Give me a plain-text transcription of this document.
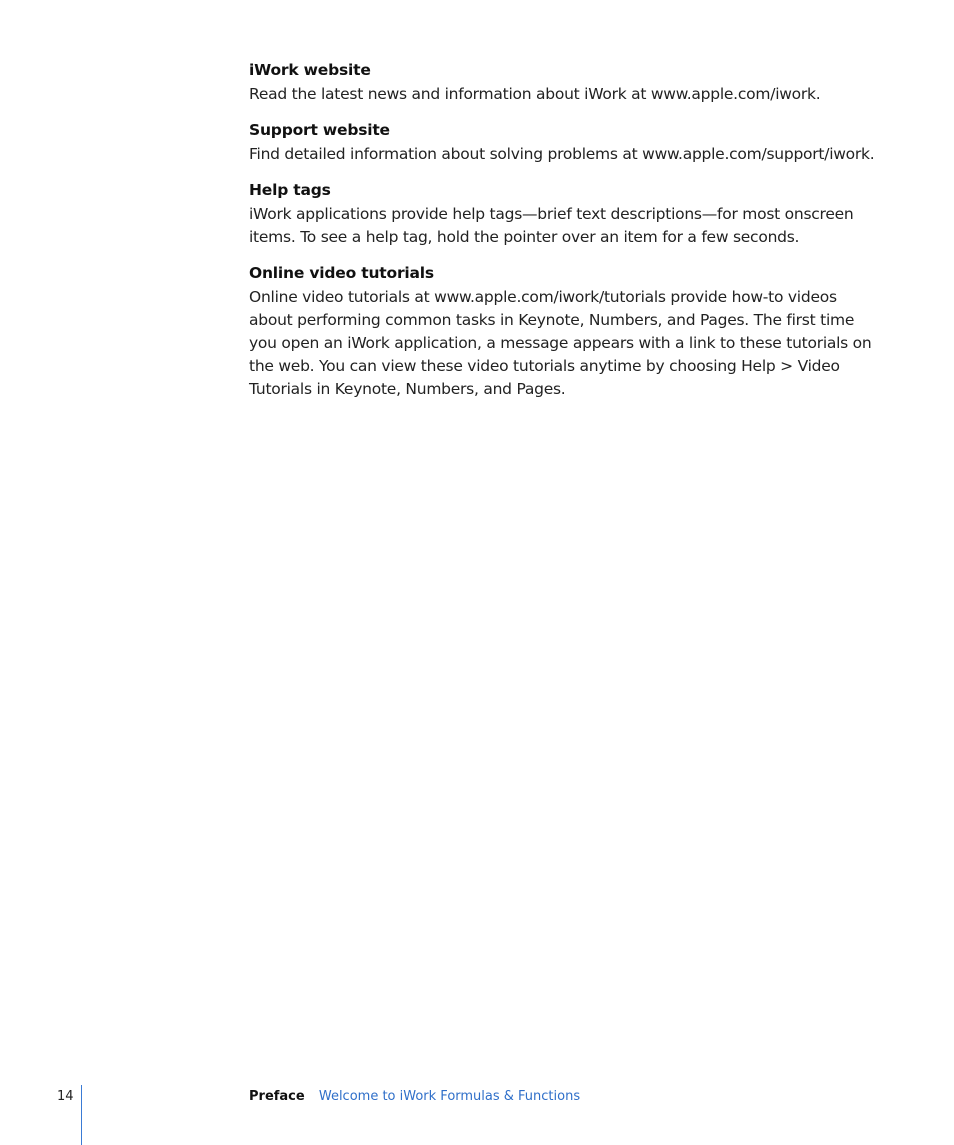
iWork website

Read the latest news and information about iWork at www.apple.com/iwork.

Support website

Find detailed information about solving problems at www.apple.com/support/iwork.

Help tags

iWork applications provide help tags—brief text descriptions—for most onscreen items. To see a help tag, hold the pointer over an item for a few seconds.

Online video tutorials

Online video tutorials at www.apple.com/iwork/tutorials provide how-to videos about performing common tasks in Keynote, Numbers, and Pages. The first time you open an iWork application, a message appears with a link to these tutorials on the web. You can view these video tutorials anytime by choosing Help > Video Tutorials in Keynote, Numbers, and Pages.

14	Preface Welcome to iWork Formulas & Functions
